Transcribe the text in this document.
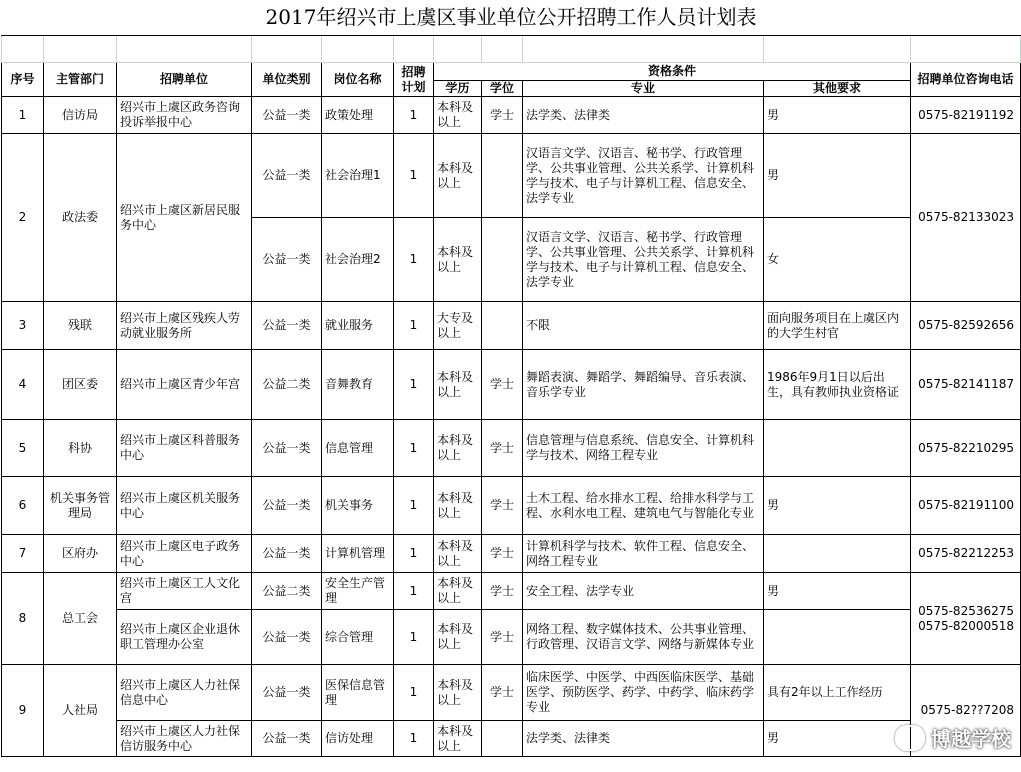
2017年绍兴市上虞区事业单位公开招聘工作人员计划表										

序号	主管部门	招聘单位	单位类别	岗位名称	招聘计划	资格条件				招聘单位咨询电话
						学历	学位	专业	其他要求	
1	信访局	绍兴市上虞区政务咨询投诉举报中心	公益一类	政策处理	1	本科及以上	学士	法学类、法律类	男	0575-82191192
2	政法委	绍兴市上虞区新居民服务中心	公益一类	社会治理1	1	本科及以上		汉语言文学、汉语言、秘书学、行政管理学、公共事业管理、公共关系学、计算机科学与技术、电子与计算机工程、信息安全、法学专业	男	0575-82133023
			公益一类	社会治理2	1	本科及以上		汉语言文学、汉语言、秘书学、行政管理学、公共事业管理、公共关系学、计算机科学与技术、电子与计算机工程、信息安全、法学专业	女	
3	残联	绍兴市上虞区残疾人劳动就业服务所	公益一类	就业服务	1	大专及以上		不限	面向服务项目在上虞区内的大学生村官	0575-82592656
4	团区委	绍兴市上虞区青少年宫	公益二类	音舞教育	1	本科及以上	学士	舞蹈表演、舞蹈学、舞蹈编导、音乐表演、音乐学专业	1986年9月1日以后出生，具有教师执业资格证	0575-82141187
5	科协	绍兴市上虞区科普服务中心	公益一类	信息管理	1	本科及以上	学士	信息管理与信息系统、信息安全、计算机科学与技术、网络工程专业		0575-82210295
6	机关事务管理局	绍兴市上虞区机关服务中心	公益一类	机关事务	1	本科及以上	学士	土木工程、给水排水工程、给排水科学与工程、水利水电工程、建筑电气与智能化专业	男	0575-82191100
7	区府办	绍兴市上虞区电子政务中心	公益一类	计算机管理	1	本科及以上	学士	计算机科学与技术、软件工程、信息安全、网络工程专业		0575-82212253
8	总工会	绍兴市上虞区工人文化宫	公益二类	安全生产管理	1	本科及以上	学士	安全工程、法学专业	男	0575-82536275 0575-82000518
		绍兴市上虞区企业退休职工管理办公室	公益一类	综合管理	1	本科及以上	学士	网络工程、数字媒体技术、公共事业管理、行政管理、汉语言文学、网络与新媒体专业		
9	人社局	绍兴市上虞区人力社保信息中心	公益一类	医保信息管理	1	本科及以上	学士	临床医学、中医学、中西医临床医学、基础医学、预防医学、药学、中药学、临床药学专业	具有2年以上工作经历	0575-82??7208
		绍兴市上虞区人力社保信访服务中心	公益一类	信访处理	1	本科及以上		法学类、法律类	男		博越学校
